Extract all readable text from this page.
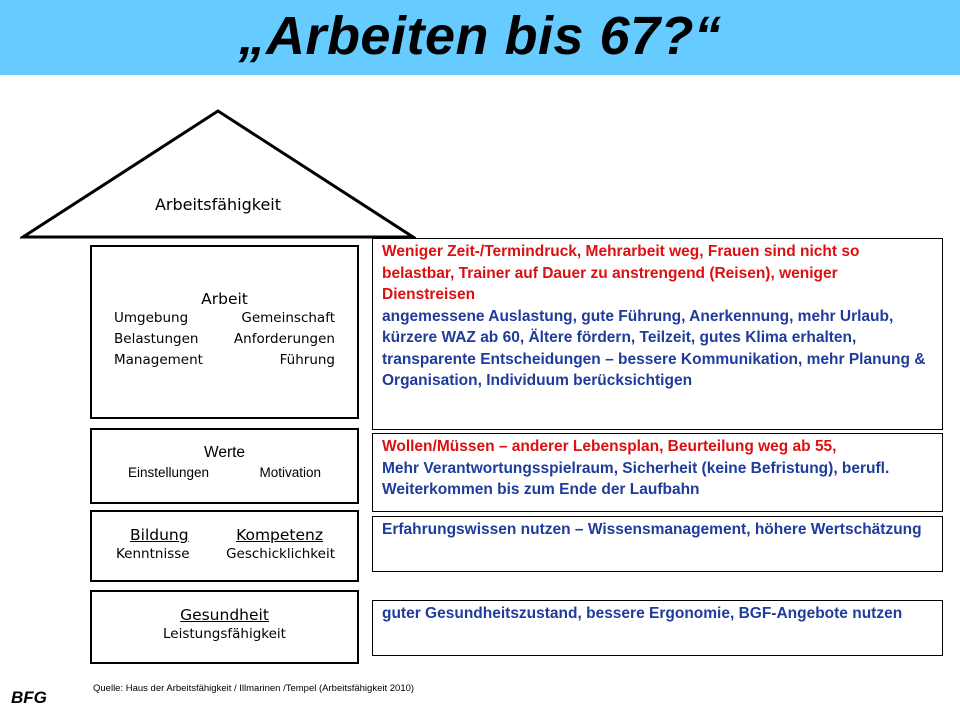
„Arbeiten bis 67?“
Arbeitsfähigkeit
Arbeit
Umgebung	Gemeinschaft
Belastungen	Anforderungen
Management	Führung
Werte
Einstellungen	Motivation
Bildung	Kompetenz
Kenntnisse	Geschicklichkeit
Gesundheit
Leistungsfähigkeit
Weniger Zeit-/Termindruck, Mehrarbeit weg, Frauen sind nicht so belastbar, Trainer auf Dauer zu anstrengend (Reisen), weniger Dienstreisen
angemessene Auslastung, gute Führung, Anerkennung, mehr Urlaub, kürzere WAZ ab 60, Ältere fördern, Teilzeit, gutes Klima erhalten, transparente Entscheidungen – bessere Kommunikation, mehr Planung & Organisation, Individuum berücksichtigen
Wollen/Müssen – anderer Lebensplan, Beurteilung weg ab 55,
Mehr Verantwortungsspielraum, Sicherheit (keine Befristung), berufl. Weiterkommen bis zum Ende der Laufbahn
Erfahrungswissen nutzen – Wissensmanagement, höhere Wertschätzung
guter Gesundheitszustand, bessere Ergonomie, BGF-Angebote nutzen
Quelle: Haus der Arbeitsfähigkeit / Illmarinen /Tempel (Arbeitsfähigkeit 2010)
BFG
